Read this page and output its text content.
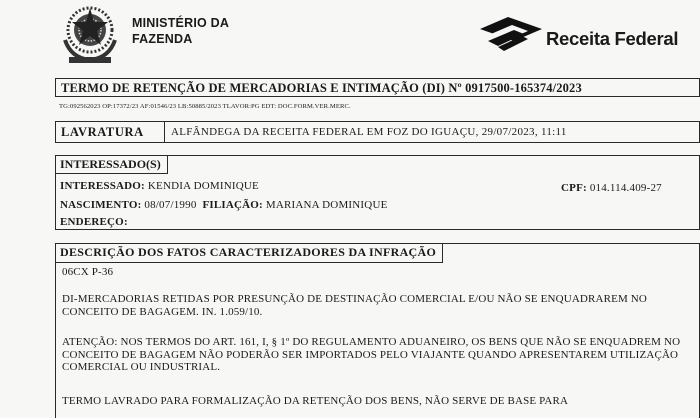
MINISTÉRIO DA
FAZENDA	Receita Federal
TERMO DE RETENÇÃO DE MERCADORIAS E INTIMAÇÃO (DI) Nº 0917500-165374/2023
TG:092562023 OP:17372/23 AF:01546/23 LB:50885/2023 TLAVOR:PG EDT: DOC.FORM.VER.MERC.
LAVRATURA ALFÂNDEGA DA RECEITA FEDERAL EM FOZ DO IGUAÇU, 29/07/2023, 11:11
INTERESSADO(S)
INTERESSADO: KENDIA DOMINIQUE	CPF: 014.114.409-27
NASCIMENTO: 08/07/1990 FILIAÇÃO: MARIANA DOMINIQUE
ENDEREÇO:
DESCRIÇÃO DOS FATOS CARACTERIZADORES DA INFRAÇÃO
06CX P-36
DI-MERCADORIAS RETIDAS POR PRESUNÇÃO DE DESTINAÇÃO COMERCIAL E/OU NÃO SE ENQUADRAREM NO CONCEITO DE BAGAGEM. IN. 1.059/10.
ATENÇÃO: NOS TERMOS DO ART. 161, I, § 1º DO REGULAMENTO ADUANEIRO, OS BENS QUE NÃO SE ENQUADREM NO CONCEITO DE BAGAGEM NÃO PODERÃO SER IMPORTADOS PELO VIAJANTE QUANDO APRESENTAREM UTILIZAÇÃO COMERCIAL OU INDUSTRIAL.
TERMO LAVRADO PARA FORMALIZAÇÃO DA RETENÇÃO DOS BENS, NÃO SERVE DE BASE PARA
